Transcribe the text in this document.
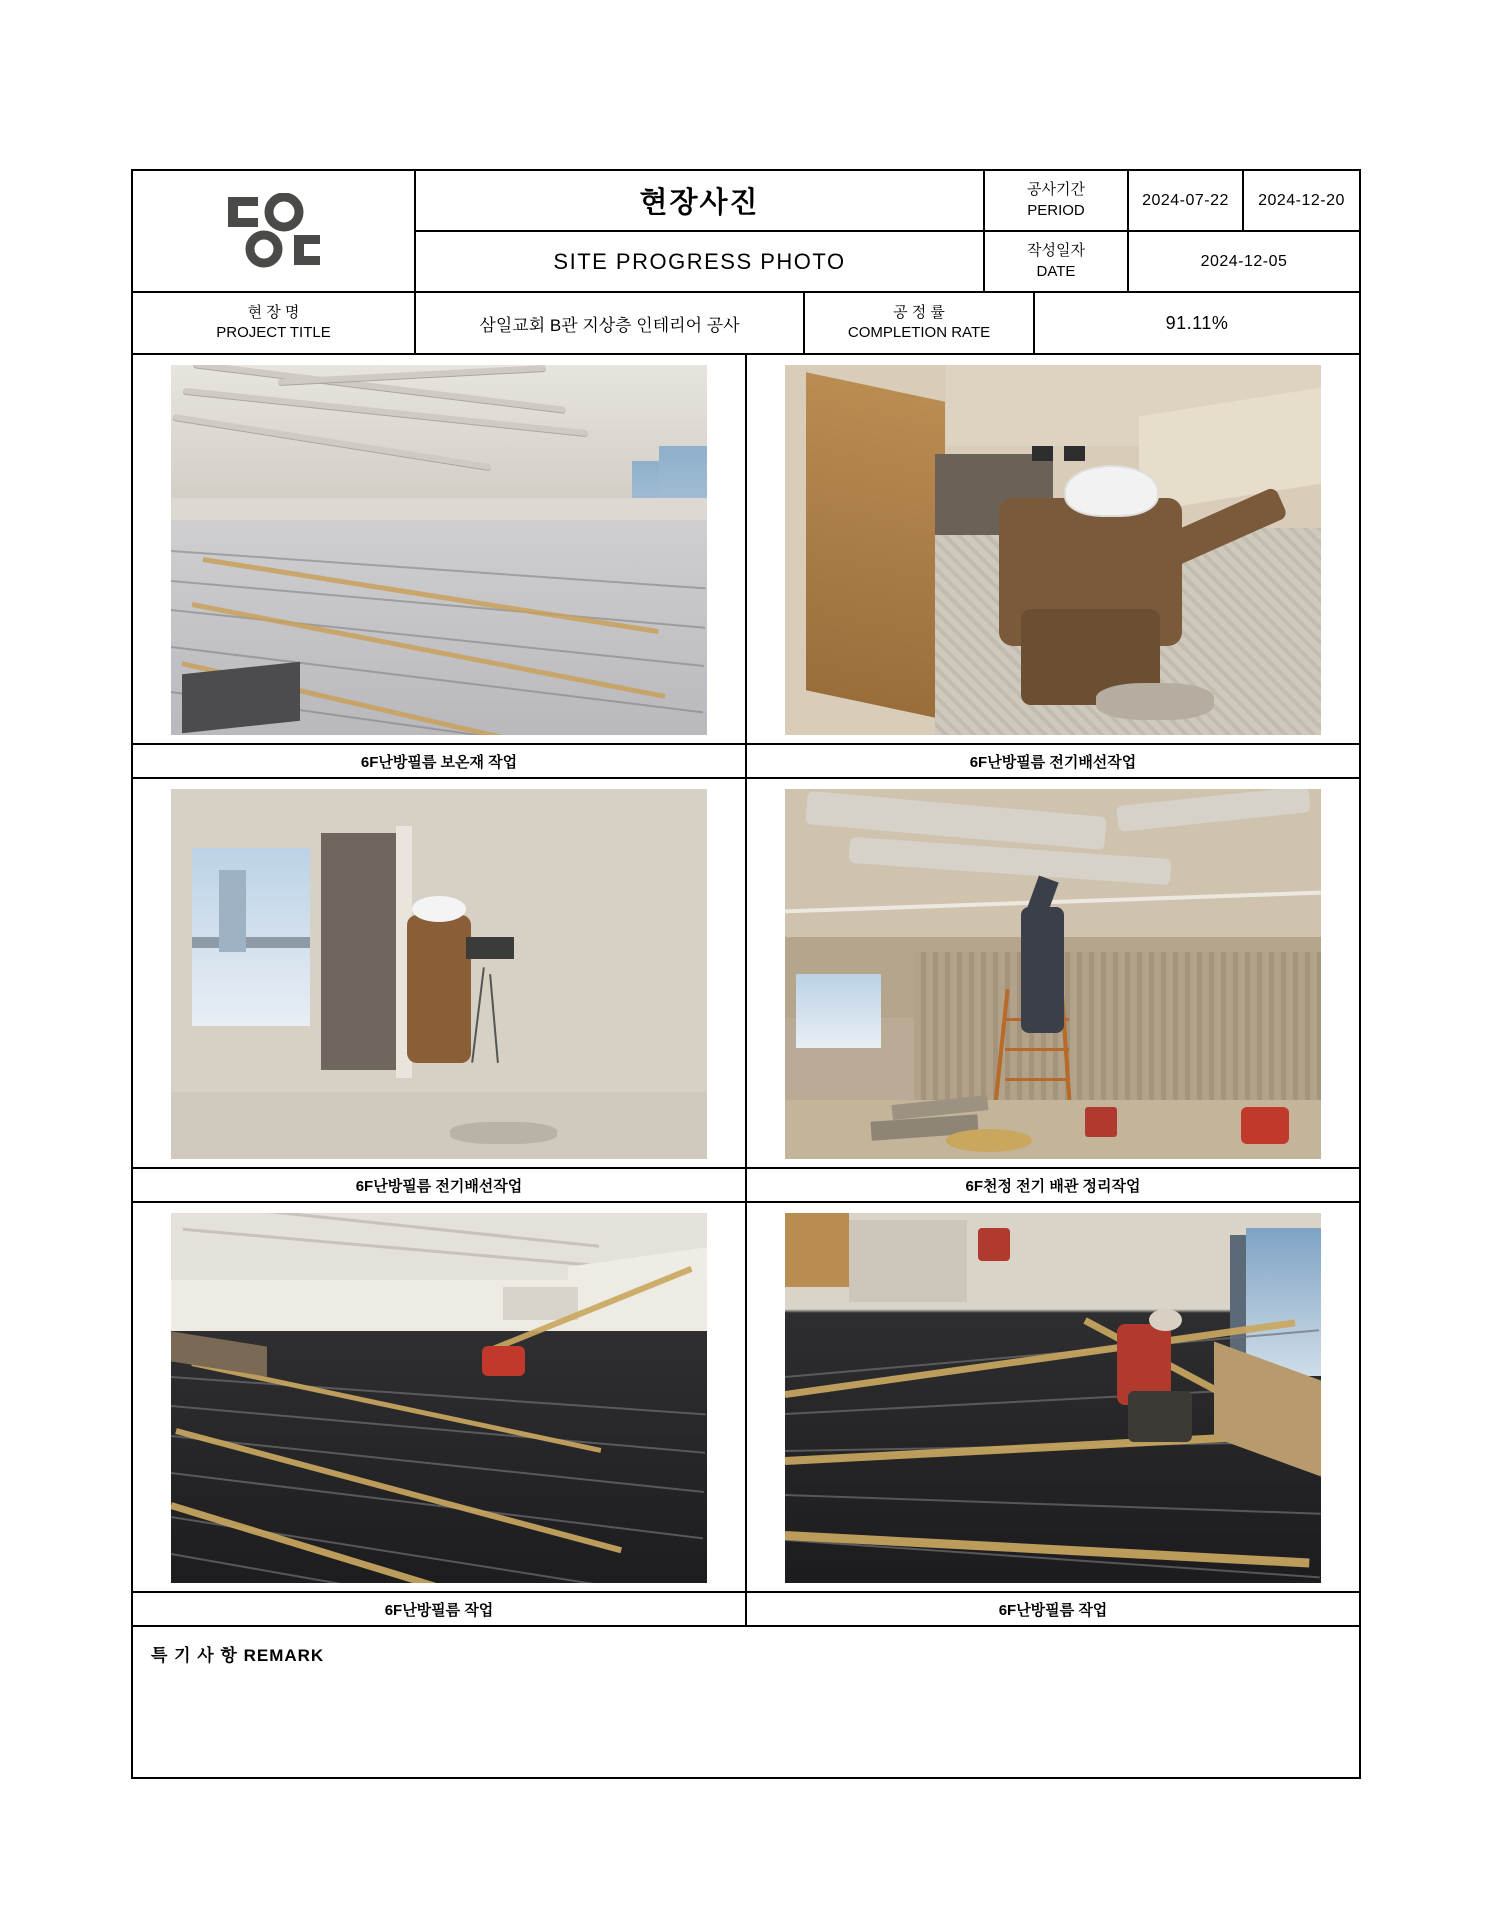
현장사진	공사기간
PERIOD
2024-07-22	2024-12-20
SITE PROGRESS PHOTO	작성일자
DATE
2024-12-05
현 장 명
PROJECT TITLE	삼일교회 B관 지상층 인테리어 공사
공 정 률
COMPLETION RATE	91.11%
6F난방필름 보온재 작업	6F난방필름 전기배선작업
6F난방필름 전기배선작업	6F천정 전기 배관 정리작업
6F난방필름 작업	6F난방필름 작업
특 기 사 항 REMARK
